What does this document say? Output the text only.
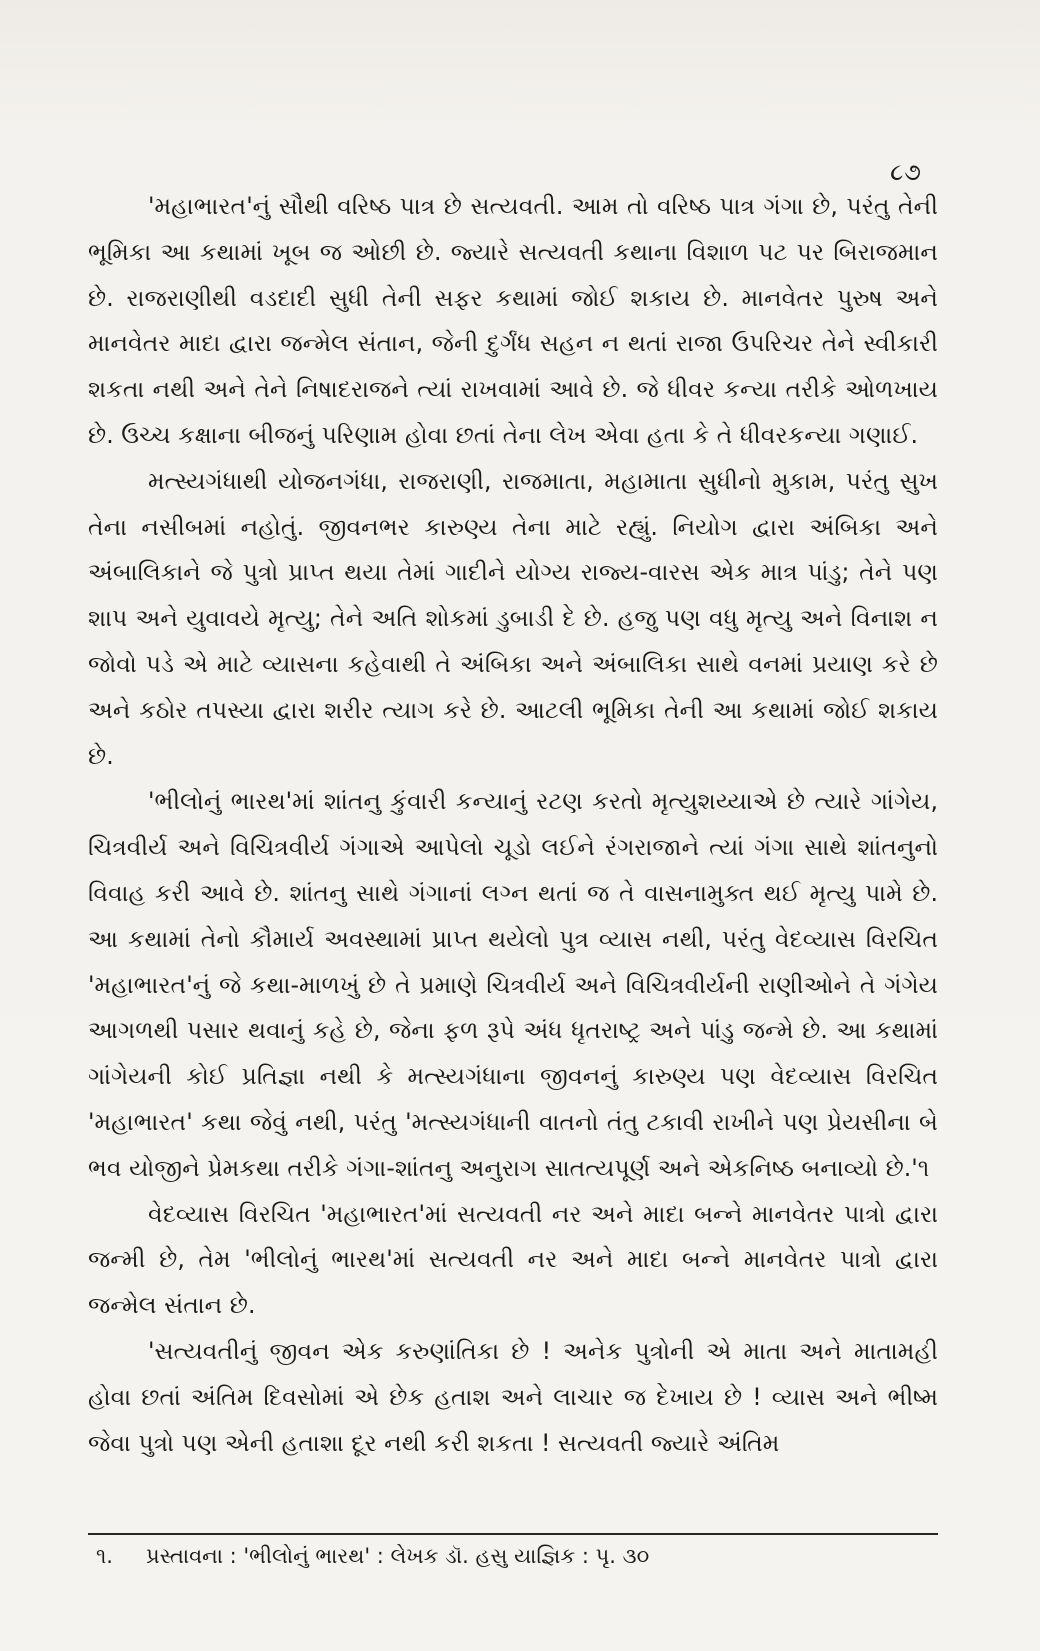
૮૭

'મહાભારત'નું સૌથી વરિષ્ઠ પાત્ર છે સત્યવતી. આમ તો વરિષ્ઠ પાત્ર ગંગા છે, પરંતુ તેની ભૂમિકા આ કથામાં ખૂબ જ ઓછી છે. જ્યારે સત્યવતી કથાના વિશાળ પટ પર બિરાજમાન છે. રાજરાણીથી વડદાદી સુધી તેની સફર કથામાં જોઈ શકાય છે. માનવેતર પુરુષ અને માનવેતર માદા દ્વારા જન્મેલ સંતાન, જેની દુર્ગંધ સહન ન થતાં રાજા ઉપરિચર તેને સ્વીકારી શકતા નથી અને તેને નિષાદરાજને ત્યાં રાખવામાં આવે છે. જે ધીવર કન્યા તરીકે ઓળખાય છે. ઉચ્ચ કક્ષાના બીજનું પરિણામ હોવા છતાં તેના લેખ એવા હતા કે તે ધીવરકન્યા ગણાઈ.

મત્સ્યગંધાથી યોજનગંધા, રાજરાણી, રાજમાતા, મહામાતા સુધીનો મુકામ, પરંતુ સુખ તેના નસીબમાં નહોતું. જીવનભર કારુણ્ય તેના માટે રહ્યું. નિયોગ દ્વારા અંબિકા અને અંબાલિકાને જે પુત્રો પ્રાપ્ત થયા તેમાં ગાદીને યોગ્ય રાજ્ય-વારસ એક માત્ર પાંડુ; તેને પણ શાપ અને યુવાવયે મૃત્યુ; તેને અતિ શોકમાં ડુબાડી દે છે. હજુ પણ વધુ મૃત્યુ અને વિનાશ ન જોવો પડે એ માટે વ્યાસના કહેવાથી તે અંબિકા અને અંબાલિકા સાથે વનમાં પ્રયાણ કરે છે અને કઠોર તપસ્યા દ્વારા શરીર ત્યાગ કરે છે. આટલી ભૂમિકા તેની આ કથામાં જોઈ શકાય છે.

'ભીલોનું ભારથ'માં શાંતનુ કુંવારી કન્યાનું રટણ કરતો મૃત્યુશય્યાએ છે ત્યારે ગાંગેય, ચિત્રવીર્ય અને વિચિત્રવીર્ય ગંગાએ આપેલો ચૂડો લઈને રંગરાજાને ત્યાં ગંગા સાથે શાંતનુનો વિવાહ કરી આવે છે. શાંતનુ સાથે ગંગાનાં લગ્ન થતાં જ તે વાસનામુક્ત થઈ મૃત્યુ પામે છે. આ કથામાં તેનો કૌમાર્ય અવસ્થામાં પ્રાપ્ત થયેલો પુત્ર વ્યાસ નથી, પરંતુ વેદવ્યાસ વિરચિત 'મહાભારત'નું જે કથા-માળખું છે તે પ્રમાણે ચિત્રવીર્ય અને વિચિત્રવીર્યની રાણીઓને તે ગંગેય આગળથી પસાર થવાનું કહે છે, જેના ફળ રૂપે અંધ ધૃતરાષ્ટ્ર અને પાંડુ જન્મે છે. આ કથામાં ગાંગેયની કોઈ પ્રતિજ્ઞા નથી કે મત્સ્યગંધાના જીવનનું કારુણ્ય પણ વેદવ્યાસ વિરચિત 'મહાભારત' કથા જેવું નથી, પરંતુ 'મત્સ્યગંધાની વાતનો તંતુ ટકાવી રાખીને પણ પ્રેયસીના બે ભવ યોજીને પ્રેમકથા તરીકે ગંગા-શાંતનુ અનુરાગ સાતત્યપૂર્ણ અને એકનિષ્ઠ બનાવ્યો છે.'૧

વેદવ્યાસ વિરચિત 'મહાભારત'માં સત્યવતી નર અને માદા બન્ને માનવેતર પાત્રો દ્વારા જન્મી છે, તેમ 'ભીલોનું ભારથ'માં સત્યવતી નર અને માદા બન્ને માનવેતર પાત્રો દ્વારા જન્મેલ સંતાન છે.

'સત્યવતીનું જીવન એક કરુણાંતિકા છે ! અનેક પુત્રોની એ માતા અને માતામહી હોવા છતાં અંતિમ દિવસોમાં એ છેક હતાશ અને લાચાર જ દેખાય છે ! વ્યાસ અને ભીષ્મ જેવા પુત્રો પણ એની હતાશા દૂર નથી કરી શકતા ! સત્યવતી જ્યારે અંતિમ

૧. પ્રસ્તાવના : 'ભીલોનું ભારથ' : લેખક ડૉ. હસુ યાજ્ઞિક : પૃ. ૩૦
